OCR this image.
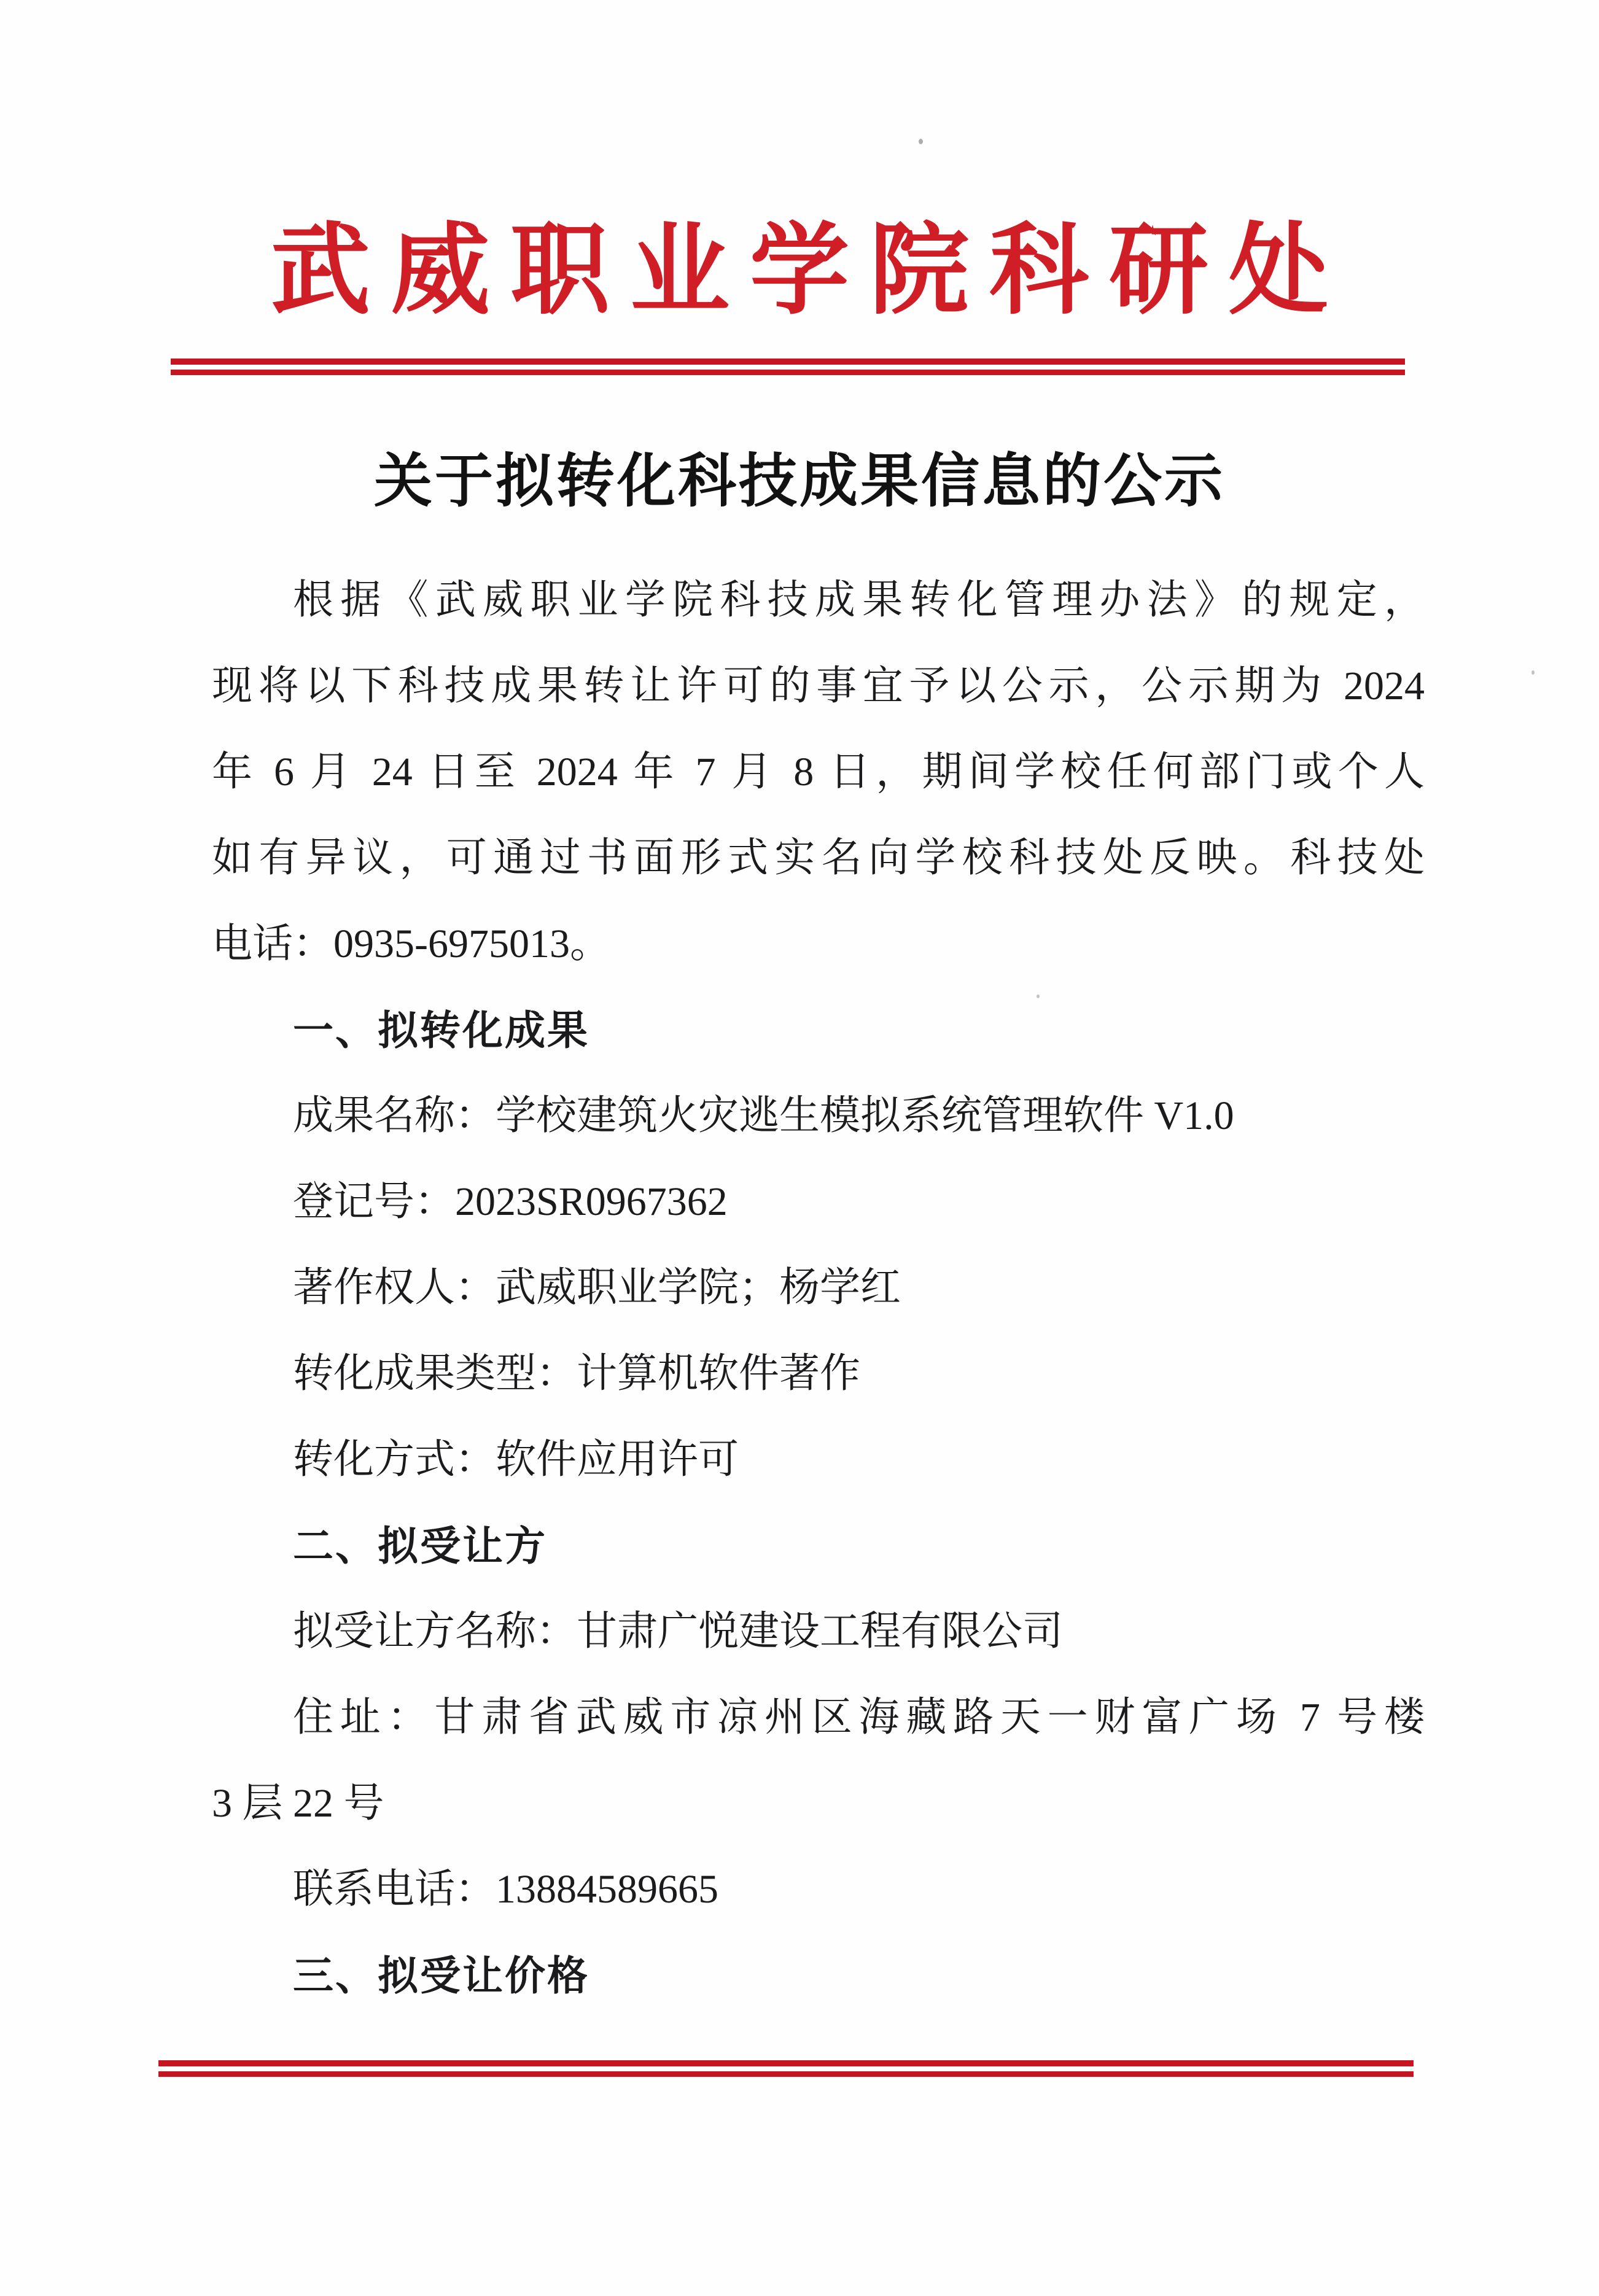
武威职业学院科研处
关于拟转化科技成果信息的公示
根据《武威职业学院科技成果转化管理办法》的规定，
现将以下科技成果转让许可的事宜予以公示，公示期为 2024
年 6 月 24 日至 2024 年 7 月 8 日，期间学校任何部门或个人
如有异议，可通过书面形式实名向学校科技处反映。科技处
电话：0935-6975013。
一、拟转化成果
成果名称：学校建筑火灾逃生模拟系统管理软件 V1.0
登记号：2023SR0967362
著作权人：武威职业学院；杨学红
转化成果类型：计算机软件著作
转化方式：软件应用许可
二、拟受让方
拟受让方名称：甘肃广悦建设工程有限公司
住址：甘肃省武威市凉州区海藏路天一财富广场 7 号楼
3 层 22 号
联系电话：13884589665
三、拟受让价格
